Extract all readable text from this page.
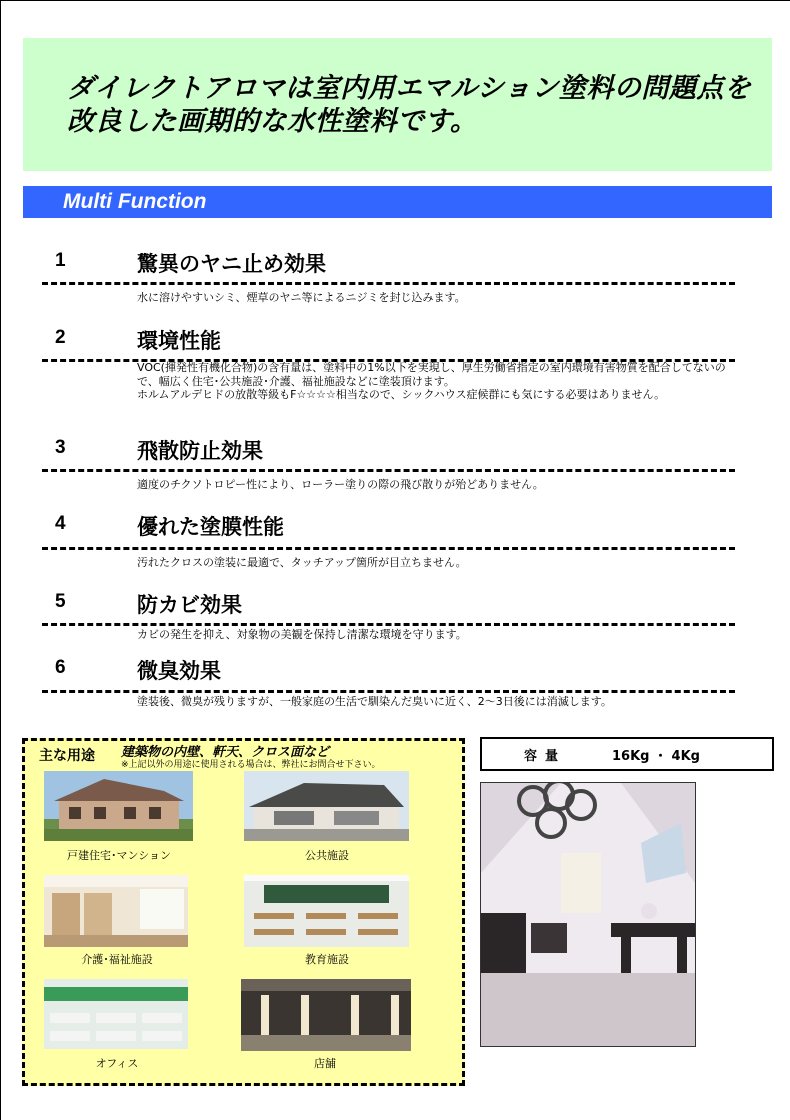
ダイレクトアロマは室内用エマルション塗料の問題点を改良した画期的な水性塗料です。
Multi Function
1	驚異のヤニ止め効果
水に溶けやすいシミ、煙草のヤニ等によるニジミを封じ込みます。
2	環境性能
VOC(揮発性有機化合物)の含有量は、塗料中の1%以下を実現し、厚生労働省指定の室内環境有害物質を配合してないので、幅広く住宅･公共施設･介護、福祉施設などに塗装頂けます。
ホルムアルデヒドの放散等級もF☆☆☆☆相当なので、シックハウス症候群にも気にする必要はありません。
3	飛散防止効果
適度のチクソトロピー性により、ローラー塗りの際の飛び散りが殆どありません。
4	優れた塗膜性能
汚れたクロスの塗装に最適で、タッチアップ箇所が目立ちません。
5	防カビ効果
カビの発生を抑え、対象物の美観を保持し清潔な環境を守ります。
6	微臭効果
塗装後、微臭が残りますが、一般家庭の生活で馴染んだ臭いに近く、2～3日後には消滅します。
主な用途 建築物の内壁、軒天、クロス面など
※上記以外の用途に使用される場合は、弊社にお問合せ下さい。
戸建住宅･マンション	公共施設
介護･福祉施設	教育施設
オフィス	店舗
容量	16Kg ・ 4Kg
